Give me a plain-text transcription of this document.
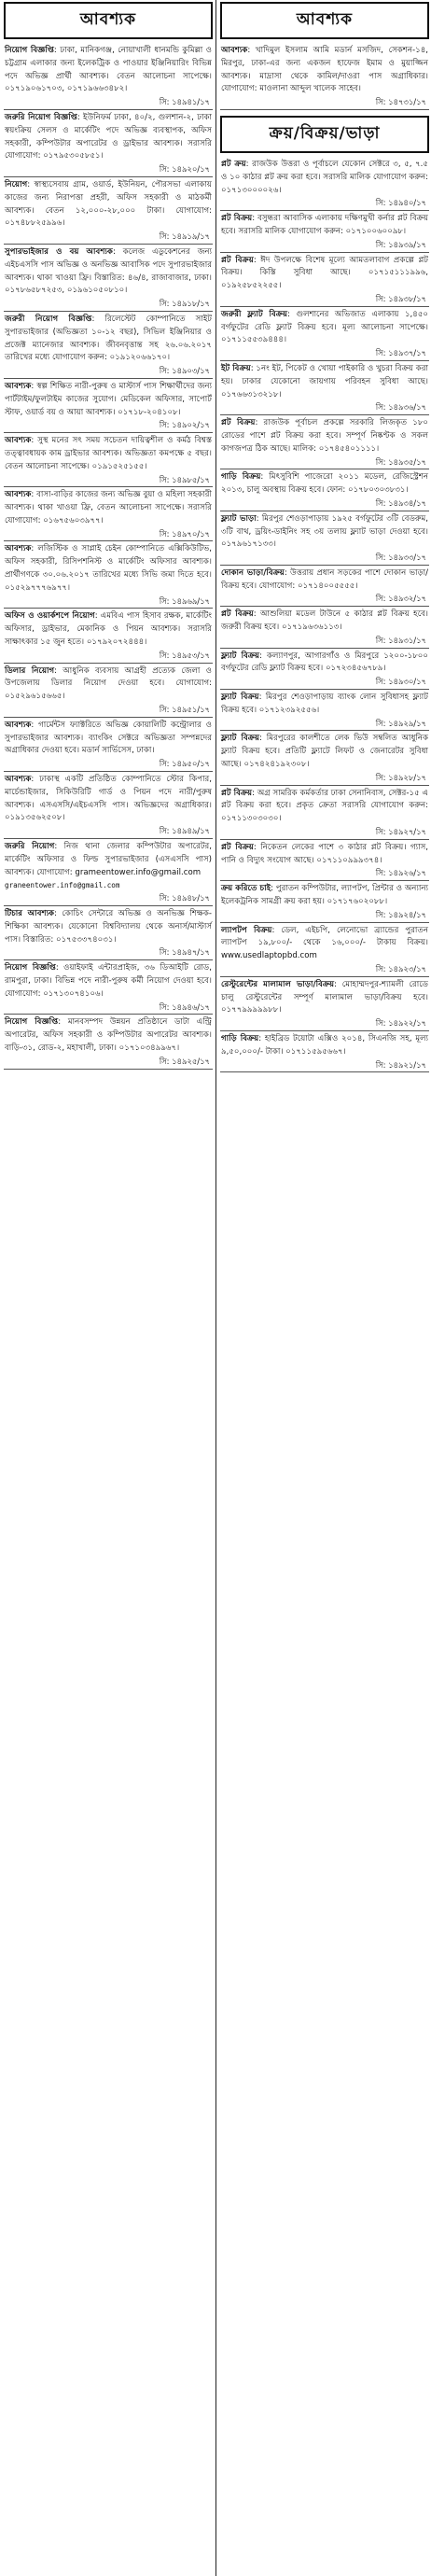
আবশ্যক
নিয়োগ বিজ্ঞপ্তি: ঢাকা, মানিকগঞ্জ, নোয়াখালী ধানমন্ডি কুমিল্লা ও চট্টগ্রাম এলাকার জন্য ইলেকট্রিক ও পাওয়ার ইঞ্জিনিয়ারিং বিভিন্ন পদে অভিজ্ঞ প্রার্থী আবশ্যক। বেতন আলোচনা সাপেক্ষে। ০১৭১৯০৬১৭০৩, ০১৭১৯৬৬৩৪৮২।
সি: ১৪৯৪১/১৭
জরুরি নিয়োগ বিজ্ঞপ্তি: ইউনিফর্ম ঢাকা, ৪০/২, গুলশান-২, ঢাকা স্বয়ংক্রিয় সেলস ও মার্কেটিং পদে অভিজ্ঞ ব্যবস্থাপক, অফিস সহকারী, কম্পিউটার অপারেটর ও ড্রাইভার আবশ্যক। সরাসরি যোগাযোগ: ০১৭৯৫৩০৫৮৫১।
সি: ১৪৯২০/১৭
নিয়োগ: স্বাস্থ্যসেবায় গ্রাম, ওয়ার্ড, ইউনিয়ন, পৌরসভা এলাকায় কাজের জন্য নিরাপত্তা প্রহরী, অফিস সহকারী ও মাঠকর্মী আবশ্যক। বেতন ১২,০০০-২৮,০০০ টাকা। যোগাযোগ: ০১৭৪৮৮২৫৯৯৬।
সি: ১৪৯১৯/১৭
সুপারভাইজার ও বয় আবশ্যক: কলেজ এডুকেশনের জন্য এইচএসসি পাস অভিজ্ঞ ও অনভিজ্ঞ আবাসিক পদে সুপারভাইজার আবশ্যক। থাকা খাওয়া ফ্রি। বিস্তারিত: ৪৬/৪, রাজাবাজার, ঢাকা। ০১৭৮৬৫৮৭২৫৩, ০১৯৬১০৫০৮১০।
সি: ১৪৯১৮/১৭
জরুরী নিয়োগ বিজ্ঞপ্তি: রিলেস্টেট কোম্পানিতে সাইট সুপারভাইজার (অভিজ্ঞতা ১০-১২ বছর), সিভিল ইঞ্জিনিয়ার ও প্রজেক্ট ম্যানেজার আবশ্যক। জীবনবৃত্তান্ত সহ ২৬.০৬.২০১৭ তারিখের মধ্যে যোগাযোগ করুন: ০১৯১২০৬৬১৭০।
সি: ১৪৯০৩/১৭
আবশ্যক: স্বল্প শিক্ষিত নারী-পুরুষ ও মাস্টার্স পাস শিক্ষার্থীদের জন্য পার্টটাইম/ফুলটাইম কাজের সুযোগ। মেডিকেল অফিসার, সাপোর্ট স্টাফ, ওয়ার্ড বয় ও আয়া আবশ্যক। ০১৭১৮-২০৪১০৮।
সি: ১৪৯০২/১৭
আবশ্যক: সুস্থ মনের সৎ সময় সচেতন দায়িত্বশীল ও কর্মঠ বিশ্বস্ত তত্ত্বাবধায়ক কাম ড্রাইভার আবশ্যক। অভিজ্ঞতা কমপক্ষে ৫ বছর। বেতন আলোচনা সাপেক্ষে। ০১৯১৫২৫১৫৫।
সি: ১৪৯৮৫/১৭
আবশ্যক: বাসা-বাড়ির কাজের জন্য অভিজ্ঞ বুয়া ও মহিলা সহকারী আবশ্যক। থাকা খাওয়া ফ্রি, বেতন আলোচনা সাপেক্ষে। সরাসরি যোগাযোগ: ০১৬৭৫৬০৩৯৭৭।
সি: ১৪৯৭০/১৭
আবশ্যক: লজিস্টিক ও সাপ্লাই চেইন কোম্পানিতে এক্সিকিউটিভ, অফিস সহকারী, রিসিপশনিস্ট ও মার্কেটিং অফিসার আবশ্যক। প্রার্থীগণকে ৩০.০৬.২০১৭ তারিখের মধ্যে সিভি জমা দিতে হবে। ০১৫২৯৭৭৭৬৯৭৭।
সি: ১৪৯৬৯/১৭
অফিস ও ওয়ার্কশপে নিয়োগ: এমবিএ পাস হিসাব রক্ষক, মার্কেটিং অফিসার, ড্রাইভার, মেকানিক ও পিয়ন আবশ্যক। সরাসরি সাক্ষাৎকার ১৫ জুন হতে। ০১৭৯২০৭২৪৪৪।
সি: ১৪৯৫৩/১৭
ডিলার নিয়োগ: আধুনিক ব্যবসায় আগ্রহী প্রত্যেক জেলা ও উপজেলায় ডিলার নিয়োগ দেওয়া হবে। যোগাযোগ: ০১৫২৯৬১৫৬৬৫।
সি: ১৪৯৫১/১৭
আবশ্যক: গার্মেন্টস ফ্যাক্টরিতে অভিজ্ঞ কোয়ালিটি কন্ট্রোলার ও সুপারভাইজার আবশ্যক। ব্যাংকিং সেক্টরে অভিজ্ঞতা সম্পন্নদের অগ্রাধিকার দেওয়া হবে। মডার্ন সার্ভিসেস, ঢাকা।
সি: ১৪৯৫০/১৭
আবশ্যক: ঢাকাস্থ একটি প্রতিষ্ঠিত কোম্পানিতে স্টোর কিপার, মার্চেন্ডাইজার, সিকিউরিটি গার্ড ও পিয়ন পদে নারী/পুরুষ আবশ্যক। এসএসসি/এইচএসসি পাস। অভিজ্ঞদের অগ্রাধিকার। ০১৯১৩৫৬২৫০৮।
সি: ১৪৯৪৯/১৭
জরুরি নিয়োগ: নিজ থানা জেলার কম্পিউটার অপারেটর, মার্কেটিং অফিসার ও ফিল্ড সুপারভাইজার (এসএসসি পাস) আবশ্যক। যোগাযোগ: grameentower.info@gmail.com
graneentower.info@gmail.com
সি: ১৪৯৪৮/১৭
টিচার আবশ্যক: কোচিং সেন্টারে অভিজ্ঞ ও অনভিজ্ঞ শিক্ষক-শিক্ষিকা আবশ্যক। যেকোনো বিশ্ববিদ্যালয় থেকে অনার্স/মাস্টার্স পাস। বিস্তারিত: ০১৭৫৩৩৭৪০৩১।
সি: ১৪৯৪৭/১৭
নিয়োগ বিজ্ঞপ্তি: ওয়াইফাই এন্টারপ্রাইজ, ৩৬ ডিআইটি রোড, রামপুরা, ঢাকা। বিভিন্ন পদে নারী-পুরুষ কর্মী নিয়োগ দেওয়া হবে। যোগাযোগ: ০১৭১৩০৭৪১০৬।
সি: ১৪৯৪৬/১৭
নিয়োগ বিজ্ঞপ্তি: মানবসম্পদ উন্নয়ন প্রতিষ্ঠানে ডাটা এন্ট্রি অপারেটর, অফিস সহকারী ও কম্পিউটার অপারেটর আবশ্যক। বাড়ি-৩১, রোড-২, মহাখালী, ঢাকা। ০১৭১০৩৪৯৯৬৭।
সি: ১৪৯২৫/১৭
আবশ্যক
আবশ্যক: খাদিমুল ইসলাম আমি মডার্ন মসজিদ, সেকশন-১৪, মিরপুর, ঢাকা-এর জন্য একজন হাফেজ ইমাম ও মুয়াজ্জিন আবশ্যক। মাদ্রাসা থেকে কামিল/দাওরা পাস অগ্রাধিকার। যোগাযোগ: মাওলানা আব্দুল খালেক সাহেব।
সি: ১৪৭৩১/১৭
ক্রয়/বিক্রয়/ভাড়া
প্লট ক্রয়: রাজউক উত্তরা ও পূর্বাচলে যেকোন সেক্টরে ৩, ৫, ৭.৫ ও ১০ কাঠার প্লট ক্রয় করা হবে। সরাসরি মালিক যোগাযোগ করুন: ০১৭১৩০০০০২৬।
সি: ১৪৯৪০/১৭
প্লট বিক্রয়: বসুন্ধরা আবাসিক এলাকায় দক্ষিণমুখী কর্নার প্লট বিক্রয় হবে। সরাসরি মালিক যোগাযোগ করুন: ০১৭১০০৬০০৯৮।
সি: ১৪৯৩৯/১৭
প্লট বিক্রয়: ঈদ উপলক্ষে বিশেষ মূল্যে আমতলাবাগ প্রকল্পে প্লট বিক্রয়। কিস্তি সুবিধা আছে। ০১৭১৫১১১৯৯৬, ০১৯২৫৮৫২২৫৫।
সি: ১৪৯৩৮/১৭
জরুরী ফ্ল্যাট বিক্রয়: গুলশানের অভিজাত এলাকায় ১,৪৫০ বর্গফুটের রেডি ফ্ল্যাট বিক্রয় হবে। মূল্য আলোচনা সাপেক্ষে। ০১৭১১৫৫৩৯৪৪৪।
সি: ১৪৯৩৭/১৭
ইট বিক্রয়: ১নং ইট, পিকেট ও খোয়া পাইকারি ও খুচরা বিক্রয় করা হয়। ঢাকার যেকোনো জায়গায় পরিবহন সুবিধা আছে। ০১৭৬৬৩১৩২১৮।
সি: ১৪৯৩৬/১৭
প্লট বিক্রয়: রাজউক পূর্বাচল প্রকল্পে সরকারি লিজকৃত ১৮০ রোডের পাশে প্লট বিক্রয় করা হবে। সম্পূর্ণ নিষ্কণ্টক ও সকল কাগজপত্র ঠিক আছে। মালিক: ০১৭৪৫৪০১১১১।
সি: ১৪৯৩৫/১৭
গাড়ি বিক্রয়: মিৎসুবিশি পাজেরো ২০১১ মডেল, রেজিস্ট্রেশন ২০১৩, চালু অবস্থায় বিক্রয় হবে। ফোন: ০১৭৮০৩০৩৮৩১।
সি: ১৪৯৩৪/১৭
ফ্ল্যাট ভাড়া: মিরপুর শেওড়াপাড়ায় ১৯২৫ বর্গফুটের ৩টি বেডরুম, ৩টি বাথ, ড্রয়িং-ডাইনিং সহ ৩য় তলায় ফ্ল্যাট ভাড়া দেওয়া হবে। ০১৭৯৬১৭১৩৩।
সি: ১৪৯৩৩/১৭
দোকান ভাড়া/বিক্রয়: উত্তরায় প্রধান সড়কের পাশে দোকান ভাড়া/বিক্রয় হবে। যোগাযোগ: ০১৭১৪০০৫৫৫৫।
সি: ১৪৯৩২/১৭
প্লট বিক্রয়: আশুলিয়া মডেল টাউনে ৫ কাঠার প্লট বিক্রয় হবে। জরুরী বিক্রয় হবে। ০১৭১৯৬৩৬১১৩।
সি: ১৪৯৩১/১৭
ফ্ল্যাট বিক্রয়: কল্যাণপুর, আগারগাঁও ও মিরপুরে ১২০০-১৮০০ বর্গফুটের রেডি ফ্ল্যাট বিক্রয় হবে। ০১৭২৩৪৫৬৭৮৯।
সি: ১৪৯৩০/১৭
ফ্ল্যাট বিক্রয়: মিরপুর শেওড়াপাড়ায় ব্যাংক লোন সুবিধাসহ ফ্ল্যাট বিক্রয় হবে। ০১৭১২৩৯২৫৫৬।
সি: ১৪৯২৯/১৭
ফ্ল্যাট বিক্রয়: মিরপুরের কালশীতে লেক ভিউ সম্বলিত আধুনিক ফ্ল্যাট বিক্রয় হবে। প্রতিটি ফ্ল্যাটে লিফট ও জেনারেটর সুবিধা আছে। ০১৭৪২৪১৯২৩০৮।
সি: ১৪৯২৮/১৭
প্লট বিক্রয়: অগ্র সামরিক কর্মকর্তার ঢাকা সেনানিবাস, সেক্টর-১৫ এ প্লট বিক্রয় করা হবে। প্রকৃত ক্রেতা সরাসরি যোগাযোগ করুন: ০১৭১১৩০৩০৩০।
সি: ১৪৯২৭/১৭
প্লট বিক্রয়: নিকেতন লেকের পাশে ৩ কাঠার প্লট বিক্রয়। গ্যাস, পানি ও বিদ্যুৎ সংযোগ আছে। ০১৭১১০৯৯৯৩৭৪।
সি: ১৪৯২৬/১৭
ক্রয় করিতে চাই: পুরাতন কম্পিউটার, ল্যাপটপ, প্রিন্টার ও অন্যান্য ইলেকট্রনিক সামগ্রী ক্রয় করা হয়। ০১৭১৭৬০২০৮৮।
সি: ১৪৯২৪/১৭
ল্যাপটপ বিক্রয়: ডেল, এইচপি, লেনোভো ব্র্যান্ডের পুরাতন ল্যাপটপ ১৯,৮০০/- থেকে ১৬,০০০/- টাকায় বিক্রয়। www.usedlaptopbd.com
সি: ১৪৯২৩/১৭
রেস্টুরেন্টের মালামাল ভাড়া/বিক্রয়: মোহাম্মদপুর-শ্যামলী রোডে চালু রেস্টুরেন্টের সম্পূর্ণ মালামাল ভাড়া/বিক্রয় হবে। ০১৭৭৯৯৯৯৯৮৮।
সি: ১৪৯২২/১৭
গাড়ি বিক্রয়: হাইব্রিড টয়োটা এক্সিও ২০১৪, সিএনজি সহ, মূল্য ৯,৫০,০০০/- টাকা। ০১৭১১৫৯৫৬৬৭।
সি: ১৪৯২১/১৭
